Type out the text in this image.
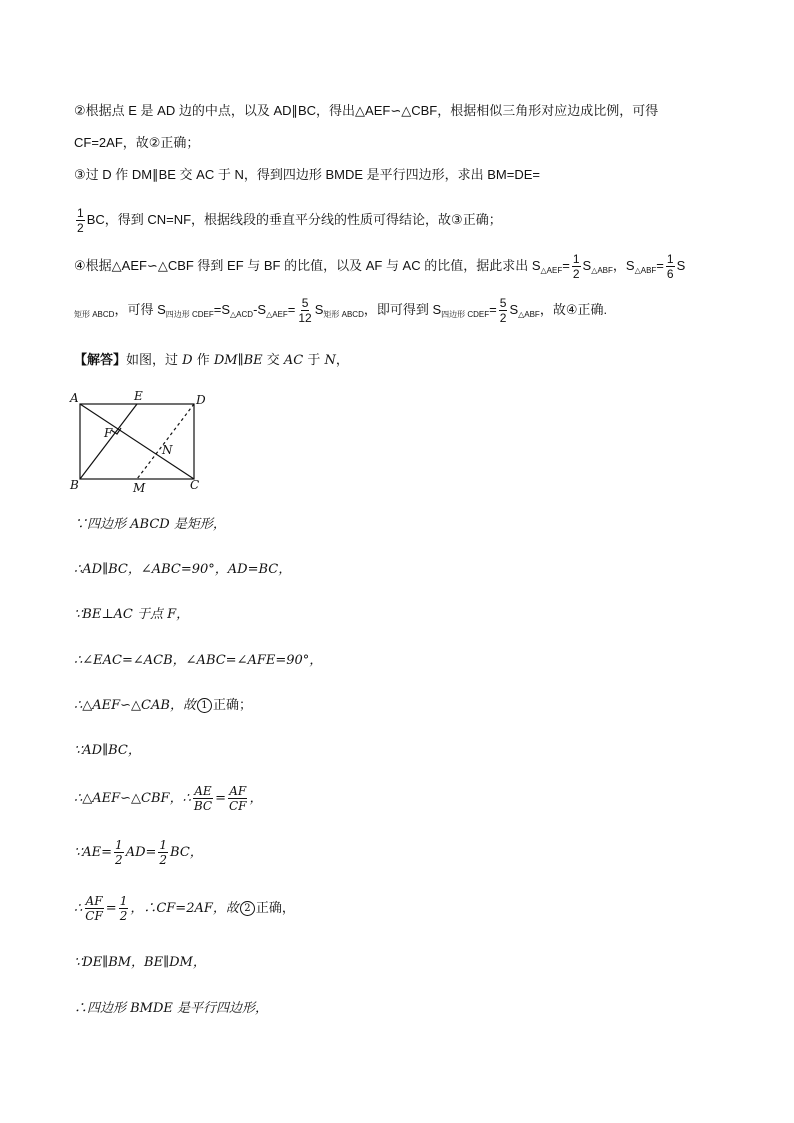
②根据点 E 是 AD 边的中点，以及 AD∥BC，得出△AEF∽△CBF，根据相似三角形对应边成比例，可得
CF=2AF，故②正确；
③过 D 作 DM∥BE 交 AC 于 N，得到四边形 BMDE 是平行四边形，求出 BM=DE=
$\frac{1}{2}$ BC，得到 CN=NF，根据线段的垂直平分线的性质可得结论，故③正确；
④根据△AEF∽△CBF 得到 EF 与 BF 的比值，以及 AF 与 AC 的比值，据此求出 $S_{\triangle AEF}= \frac{1}{2} S_{\triangle ABF}$，$S_{\triangle ABF}= \frac{1}{6}$ S
$_{矩形 ABCD}$，可得 $S_{四边形 CDEF}=S_{\triangle ACD}-S_{\triangle AEF}= \frac{5}{12} S_{矩形 ABCD}$，即可得到 $S_{四边形 CDEF}= \frac{5}{2} S_{\triangle ABF}$，故④正确.
【解答】如图，过 D 作 DM∥BE 交 AC 于 N，
A	E	D
F
N
B	M	C
∵四边形 ABCD 是矩形，
∴AD∥BC，∠ABC=90°，AD=BC，
∵BE⊥AC 于点 F，
∴∠EAC=∠ACB，∠ABC=∠AFE=90°，
∴△AEF∽△CAB，故 1 正确；
∵AD∥BC，
∴△AEF∽△CBF，∴ $\frac{AE}{BC} = \frac{AF}{CF}$ ，
∵AE= $\frac{1}{2} AD= \frac{1}{2}$ BC，
∴ $\frac{AF}{CF} = \frac{1}{2}$ ，∴CF=2AF，故 2 正确，
∵DE∥BM，BE∥DM，
∴四边形 BMDE 是平行四边形，
